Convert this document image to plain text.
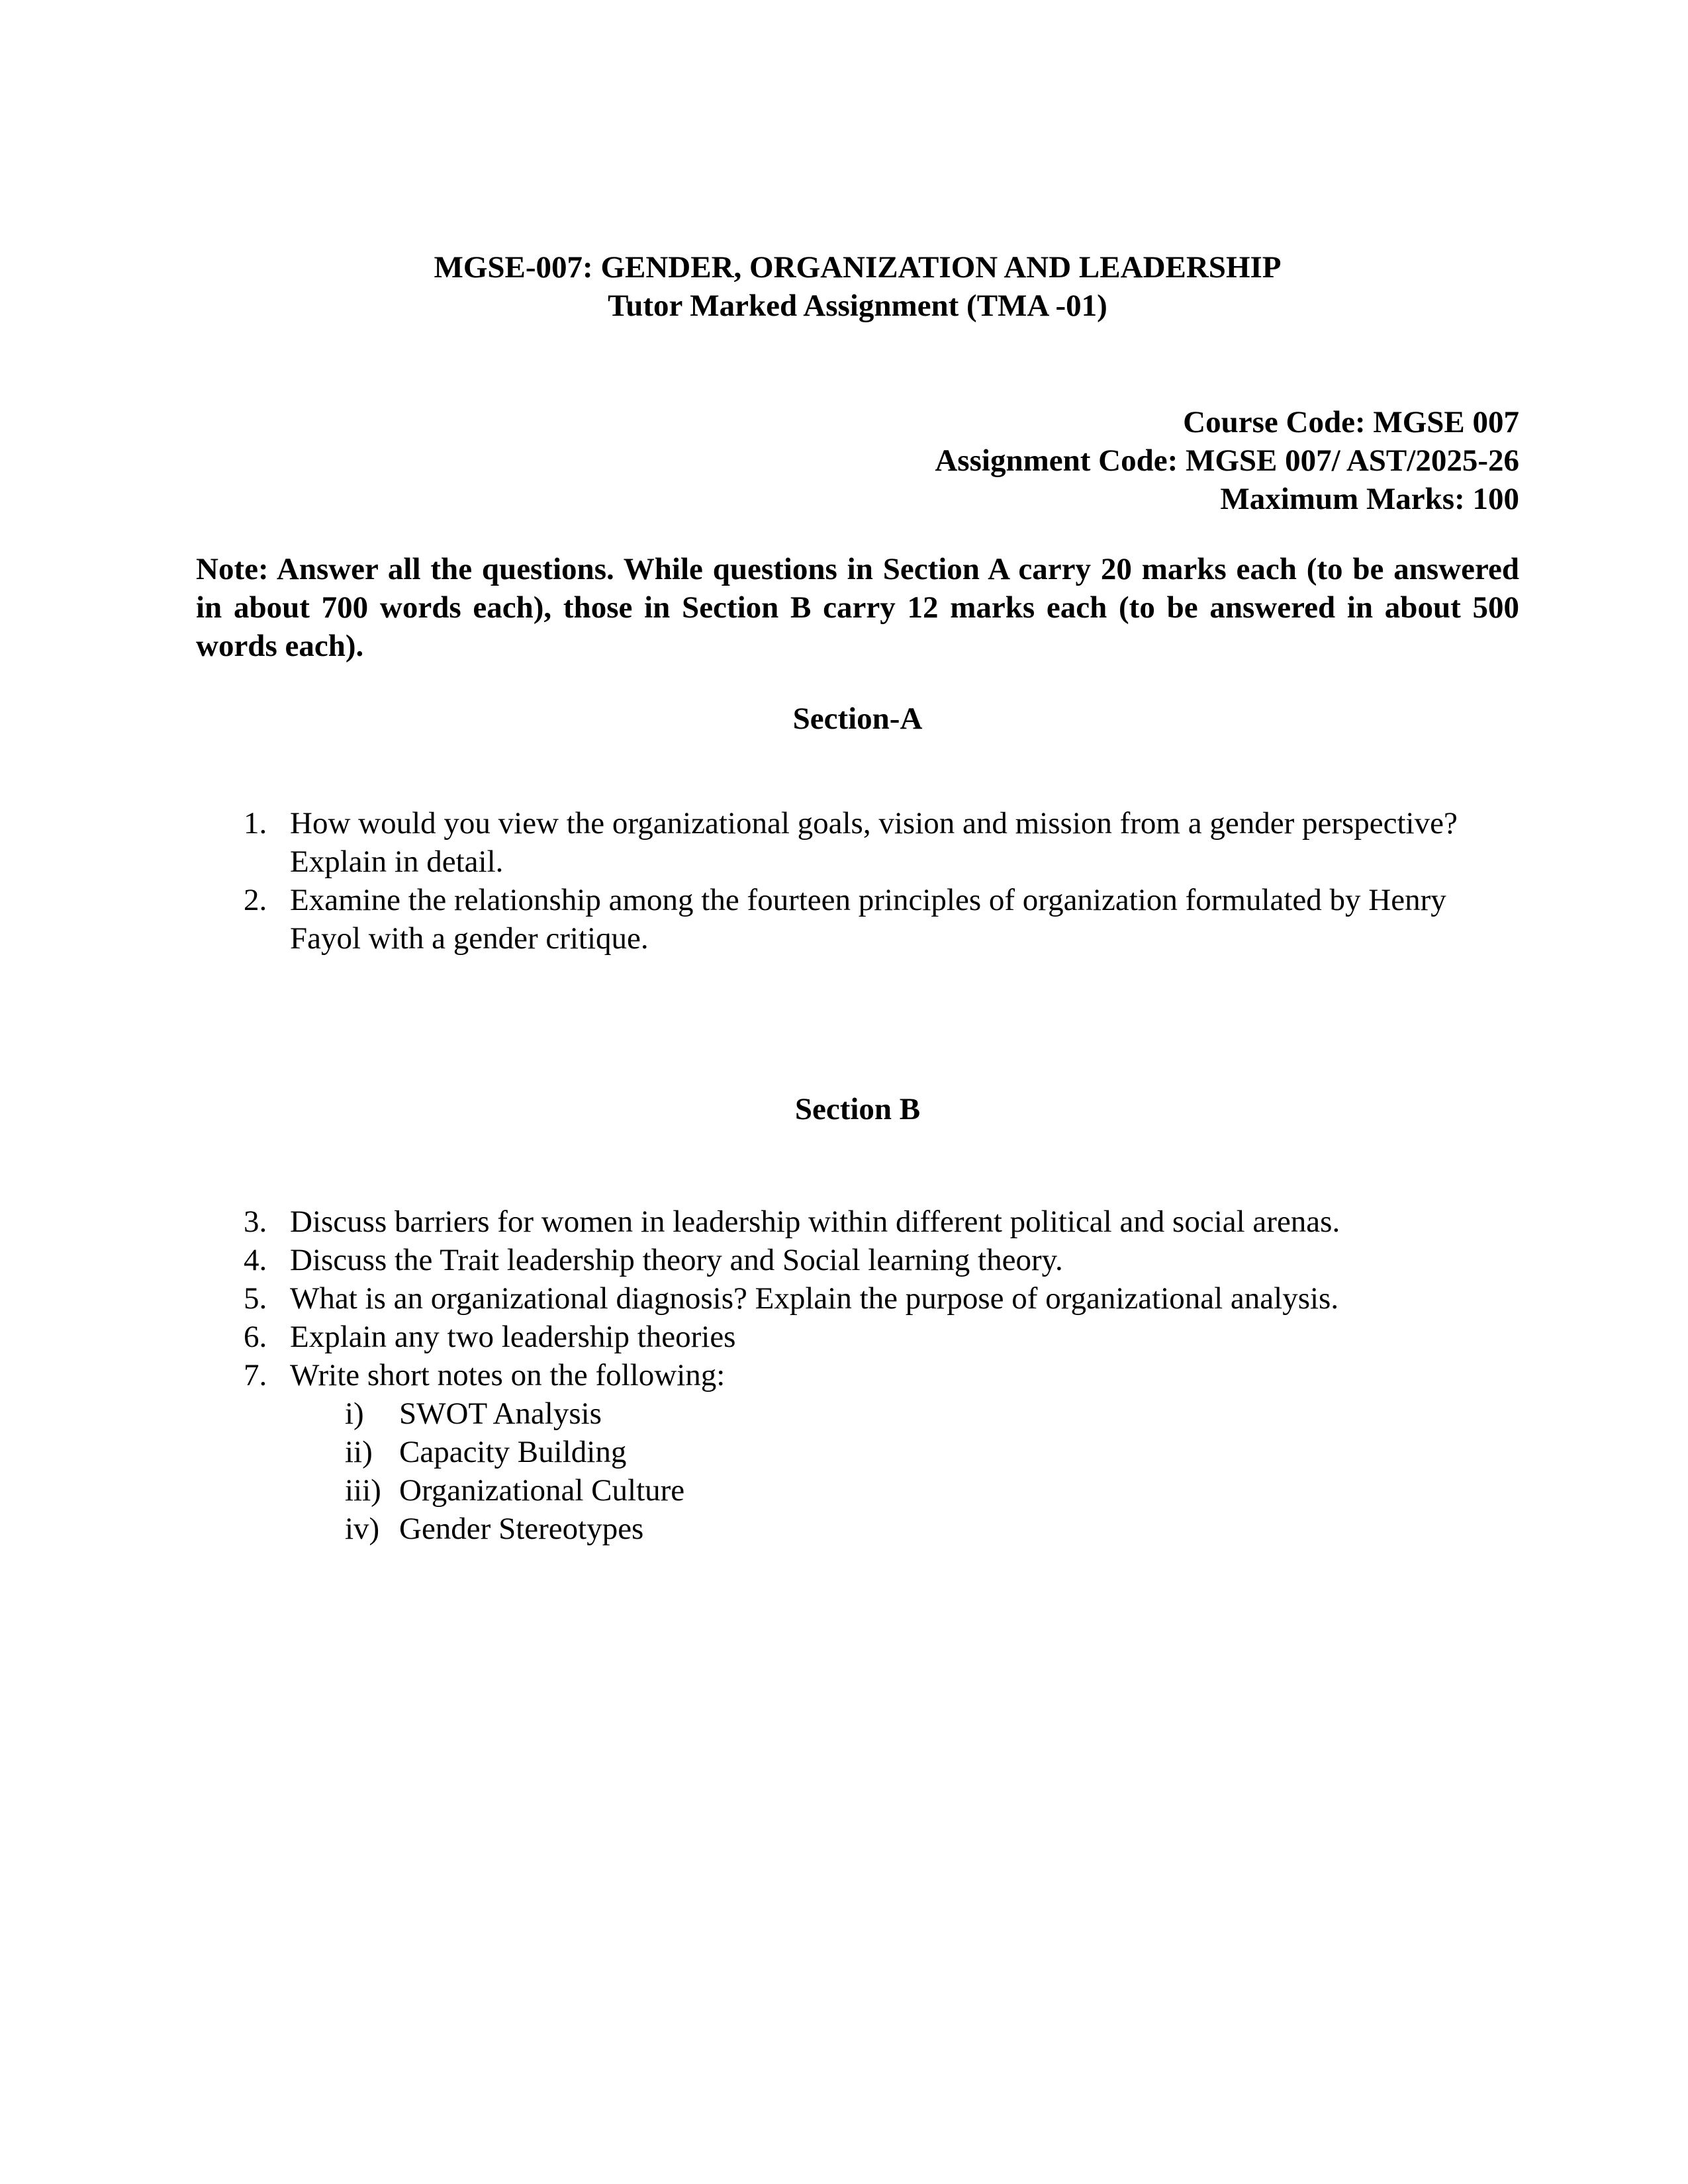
MGSE-007: GENDER, ORGANIZATION AND LEADERSHIP
Tutor Marked Assignment (TMA -01)
Course Code: MGSE 007
Assignment Code: MGSE 007/ AST/2025-26
Maximum Marks: 100

Note: Answer all the questions. While questions in Section A carry 20 marks each (to be answered in about 700 words each), those in Section B carry 12 marks each (to be answered in about 500 words each).

Section-A
1. How would you view the organizational goals, vision and mission from a gender perspective? Explain in detail.
2. Examine the relationship among the fourteen principles of organization formulated by Henry Fayol with a gender critique.
Section B
3. Discuss barriers for women in leadership within different political and social arenas.
4. Discuss the Trait leadership theory and Social learning theory.
5. What is an organizational diagnosis? Explain the purpose of organizational analysis.
6. Explain any two leadership theories
7. Write short notes on the following:
i)	SWOT Analysis
ii) Capacity Building
iii) Organizational Culture
iv) Gender Stereotypes
